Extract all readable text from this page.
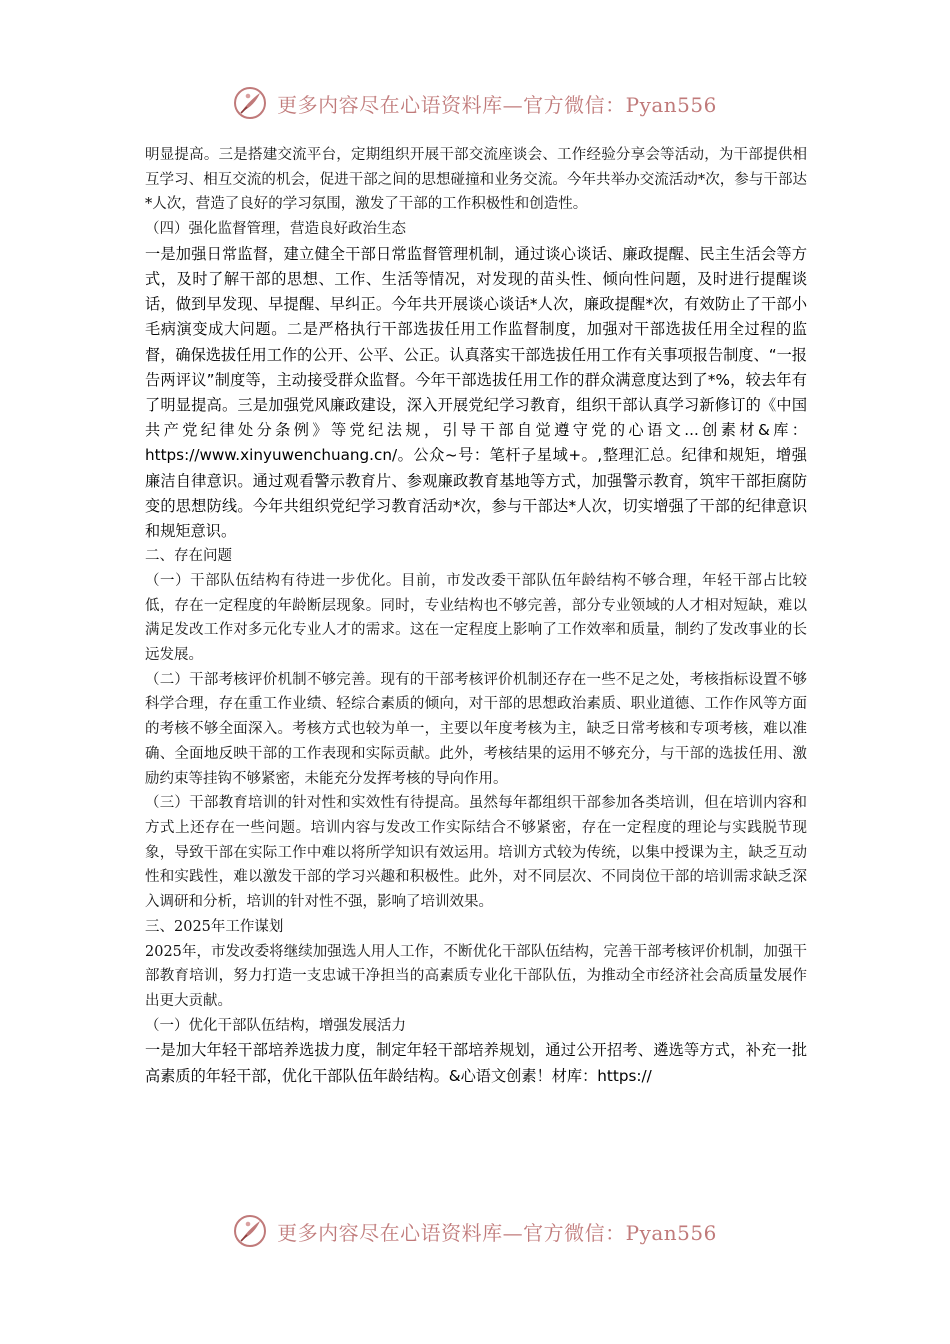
更多内容尽在心语资料库—官方微信：Pyan556

明显提高。三是搭建交流平台，定期组织开展干部交流座谈会、工作经验分享会等活动，为干部提供相互学习、相互交流的机会，促进干部之间的思想碰撞和业务交流。今年共举办交流活动*次，参与干部达*人次，营造了良好的学习氛围，激发了干部的工作积极性和创造性。

（四）强化监督管理，营造良好政治生态

一是加强日常监督，建立健全干部日常监督管理机制，通过谈心谈话、廉政提醒、民主生活会等方式，及时了解干部的思想、工作、生活等情况，对发现的苗头性、倾向性问题，及时进行提醒谈话，做到早发现、早提醒、早纠正。今年共开展谈心谈话*人次，廉政提醒*次，有效防止了干部小毛病演变成大问题。二是严格执行干部选拔任用工作监督制度，加强对干部选拔任用全过程的监督，确保选拔任用工作的公开、公平、公正。认真落实干部选拔任用工作有关事项报告制度、“一报告两评议”制度等，主动接受群众监督。今年干部选拔任用工作的群众满意度达到了*%，较去年有了明显提高。三是加强党风廉政建设，深入开展党纪学习教育，组织干部认真学习新修订的《中国共产党纪律处分条例》等党纪法规，引导干部自觉遵守党的心语文...创素材&库：https://www.xinyuwenchuang.cn/。公众~号：笔杆子星域+。,整理汇总。纪律和规矩，增强廉洁自律意识。通过观看警示教育片、参观廉政教育基地等方式，加强警示教育，筑牢干部拒腐防变的思想防线。今年共组织党纪学习教育活动*次，参与干部达*人次，切实增强了干部的纪律意识和规矩意识。

二、存在问题

（一）干部队伍结构有待进一步优化。目前，市发改委干部队伍年龄结构不够合理，年轻干部占比较低，存在一定程度的年龄断层现象。同时，专业结构也不够完善，部分专业领域的人才相对短缺，难以满足发改工作对多元化专业人才的需求。这在一定程度上影响了工作效率和质量，制约了发改事业的长远发展。

（二）干部考核评价机制不够完善。现有的干部考核评价机制还存在一些不足之处，考核指标设置不够科学合理，存在重工作业绩、轻综合素质的倾向，对干部的思想政治素质、职业道德、工作作风等方面的考核不够全面深入。考核方式也较为单一，主要以年度考核为主，缺乏日常考核和专项考核，难以准确、全面地反映干部的工作表现和实际贡献。此外，考核结果的运用不够充分，与干部的选拔任用、激励约束等挂钩不够紧密，未能充分发挥考核的导向作用。

（三）干部教育培训的针对性和实效性有待提高。虽然每年都组织干部参加各类培训，但在培训内容和方式上还存在一些问题。培训内容与发改工作实际结合不够紧密，存在一定程度的理论与实践脱节现象，导致干部在实际工作中难以将所学知识有效运用。培训方式较为传统，以集中授课为主，缺乏互动性和实践性，难以激发干部的学习兴趣和积极性。此外，对不同层次、不同岗位干部的培训需求缺乏深入调研和分析，培训的针对性不强，影响了培训效果。

三、2025年工作谋划

2025年，市发改委将继续加强选人用人工作，不断优化干部队伍结构，完善干部考核评价机制，加强干部教育培训，努力打造一支忠诚干净担当的高素质专业化干部队伍，为推动全市经济社会高质量发展作出更大贡献。

（一）优化干部队伍结构，增强发展活力

一是加大年轻干部培养选拔力度，制定年轻干部培养规划，通过公开招考、遴选等方式，补充一批高素质的年轻干部，优化干部队伍年龄结构。&心语文创素！材库：https://

更多内容尽在心语资料库—官方微信：Pyan556
